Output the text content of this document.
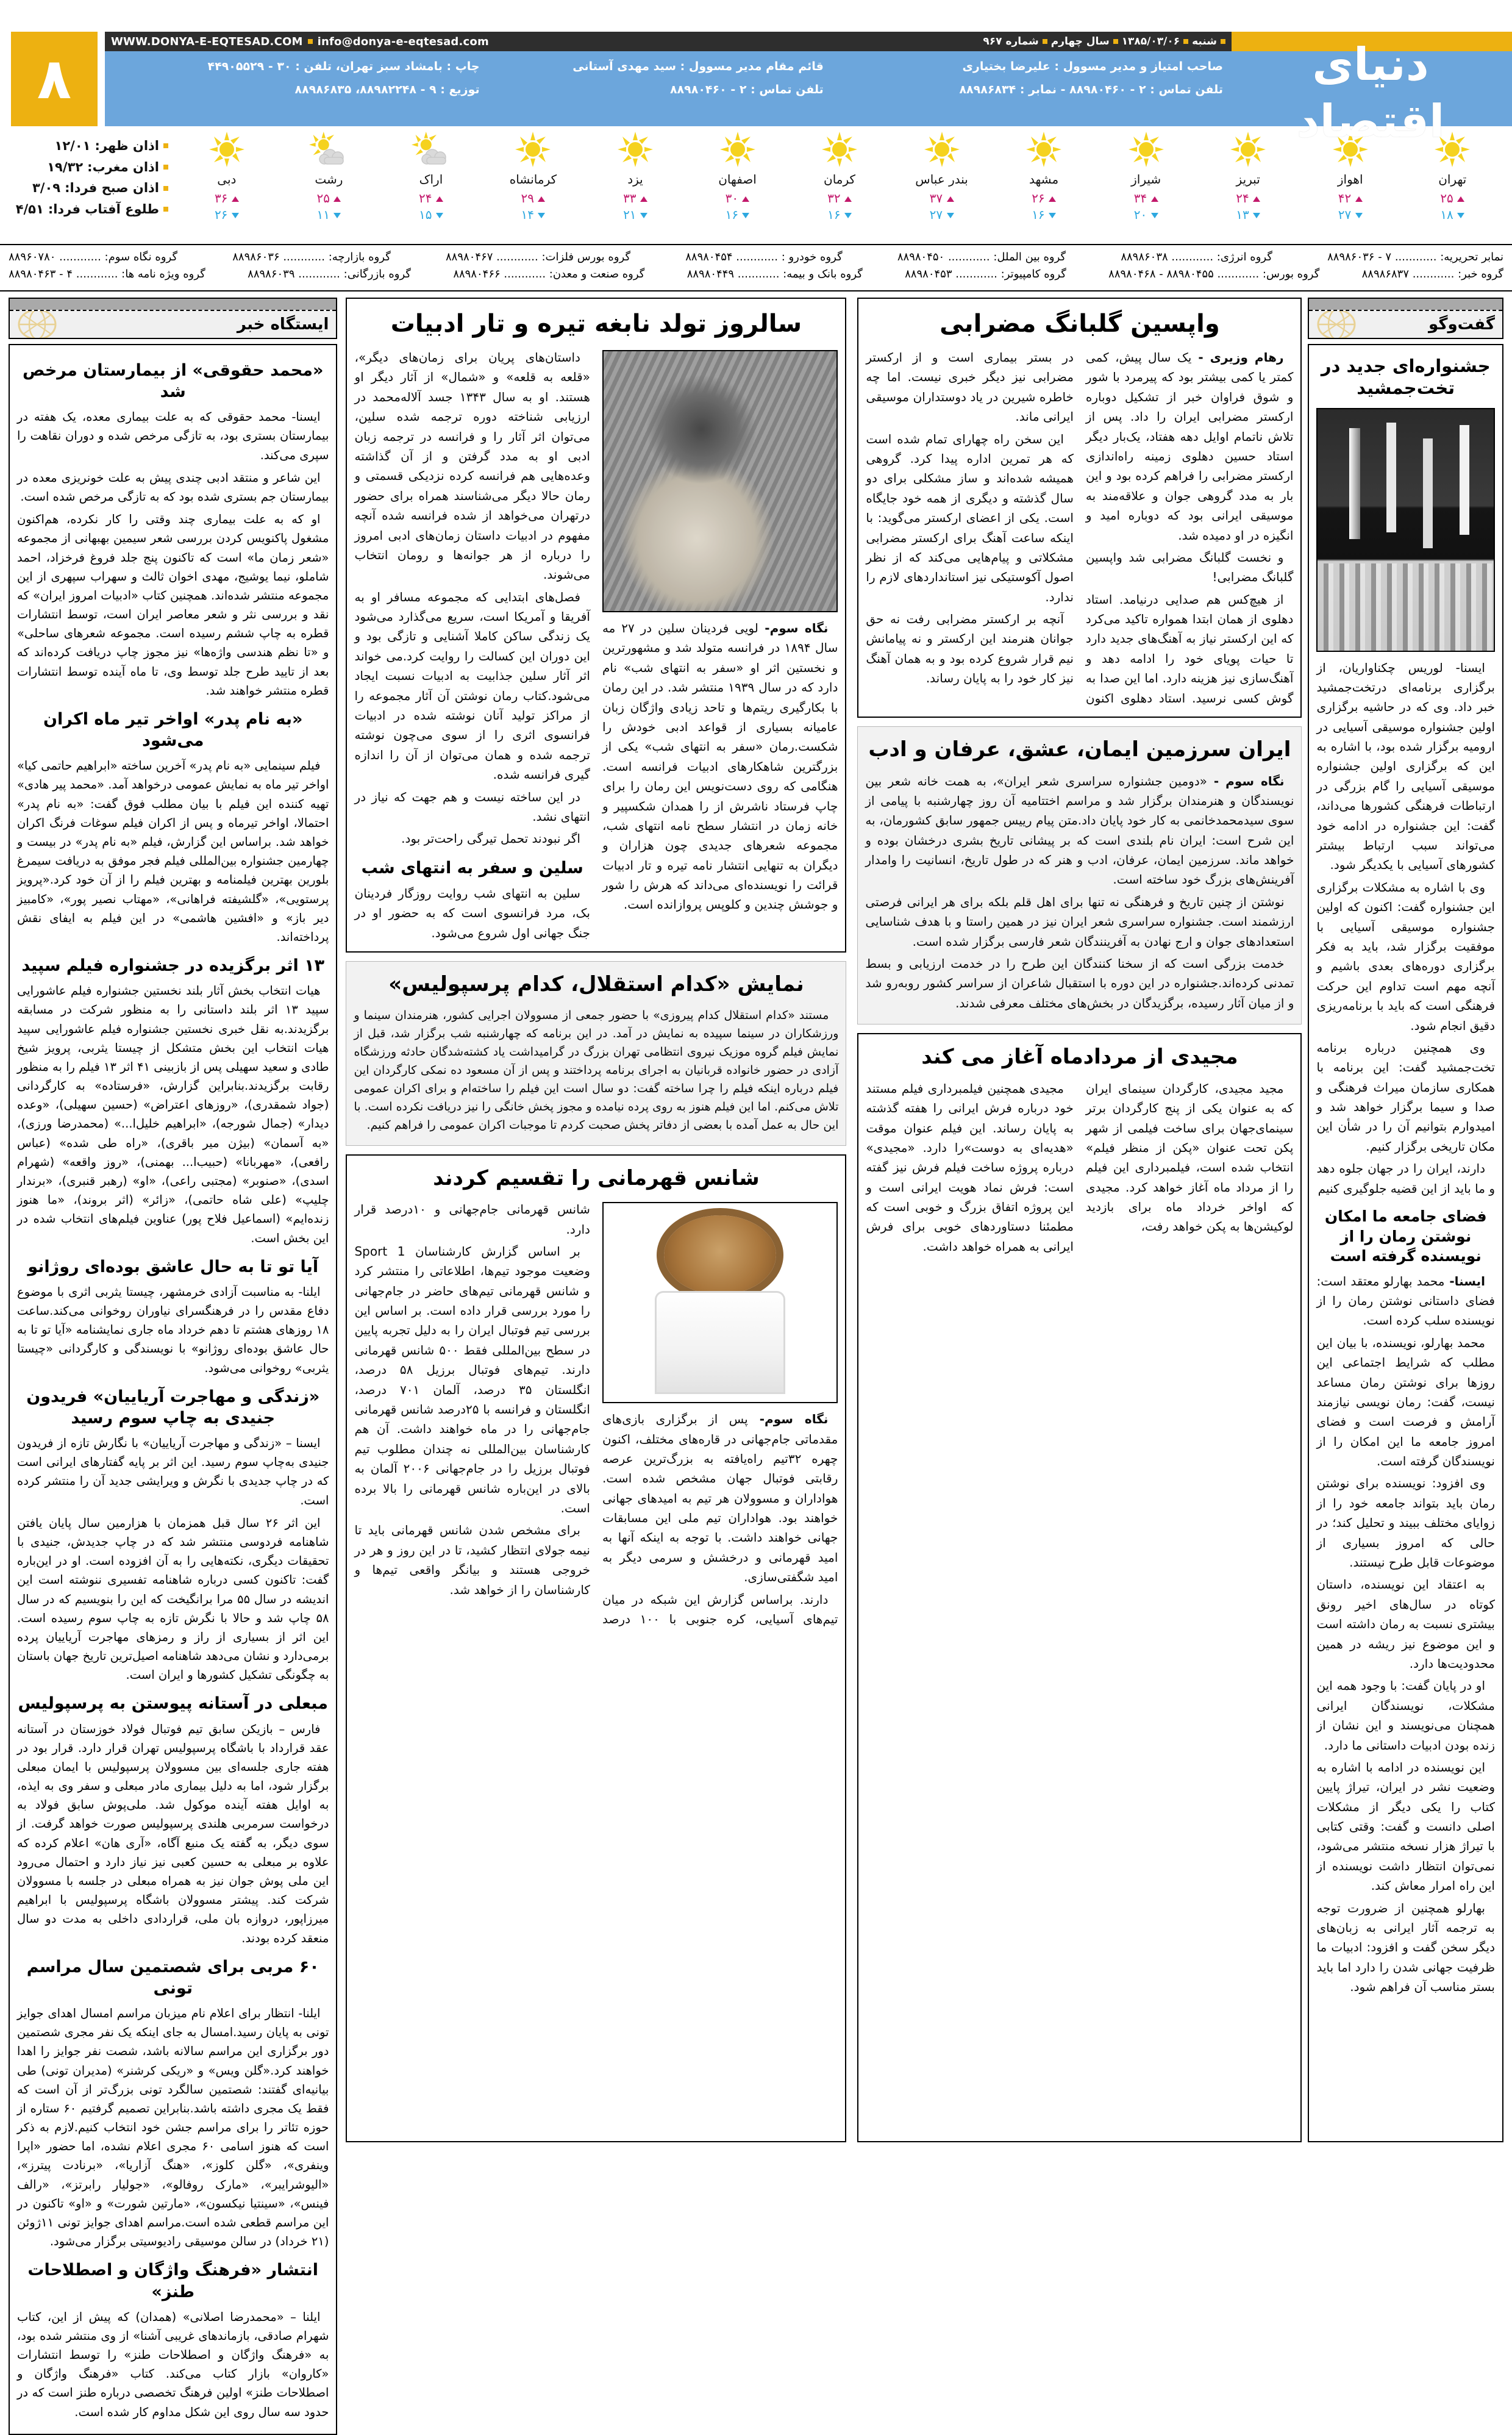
دنیای اقتصاد
شنبه
۱۳۸۵/۰۳/۰۶
سال چهارم
شماره ۹۶۷
WWW.DONYA-E-EQTESAD.COM info@donya-e-eqtesad.com
صاحب امتیاز و مدیر مسوول : علیرضا بختیاری
قائم مقام مدیر مسوول : سید مهدی آستانی
چاپ : بامشاد سبز تهران، تلفن : ۳۰ - ۴۴۹۰۵۵۲۹
تلفن تماس : ۲ - ۸۸۹۸۰۴۶۰ - نمابر : ۸۸۹۸۶۸۳۴
تلفن تماس : ۲ - ۸۸۹۸۰۴۶۰
توزیع : ۹ - ۸۸۹۸۲۲۴۸، ۸۸۹۸۶۸۳۵
۸
اذان ظهر:
۱۲/۰۱
اذان مغرب:
۱۹/۳۲
اذان صبح فردا:
۳/۰۹
طلوع آفتاب فردا:
۴/۵۱
تهران
۲۵
۱۸
اهواز
۴۲
۲۷
تبریز
۲۴
۱۳
شیراز
۳۴
۲۰
مشهد
۲۶
۱۶
بندر عباس
۳۷
۲۷
کرمان
۳۲
۱۶
اصفهان
۳۰
۱۶
یزد
۳۳
۲۱
کرمانشاه
۲۹
۱۴
اراک
۲۴
۱۵
رشت
۲۵
۱۱
دبی
۳۶
۲۶
نمابر تحریریه: ............ ۷ - ۸۸۹۸۶۰۳۶
گروه انرژی: ............ ۸۸۹۸۶۰۳۸
گروه بین الملل: ............ ۸۸۹۸۰۴۵۰
گروه خودرو : ............ ۸۸۹۸۰۴۵۴
گروه بورس فلزات: ............ ۸۸۹۸۰۴۶۷
گروه بازارچه: ............ ۸۸۹۸۶۰۳۶
گروه نگاه سوم: ............ ۸۸۹۶۰۷۸۰
گروه خبر: ............ ۸۸۹۸۶۸۳۷
گروه بورس: ............ ۸۸۹۸۰۴۵۵ - ۸۸۹۸۰۴۶۸
گروه کامپیوتر: ............ ۸۸۹۸۰۴۵۳
گروه بانک و بیمه: ............ ۸۸۹۸۰۴۴۹
گروه صنعت و معدن: ............ ۸۸۹۸۰۴۶۶
گروه بازرگانی: ............ ۸۸۹۸۶۰۳۹
گروه ویژه نامه ها: ............ ۴ - ۸۸۹۸۰۴۶۳
گفت‌وگو
جشنواره‌ای جدید در تخت‌جمشید

ایسنا- لوریس چکناواریان، از برگزاری برنامه‌ای درتخت‌جمشید خبر داد. وی که در حاشیه برگزاری اولین جشنواره موسیقی آسیایی در ارومیه برگزار شده بود، با اشاره به این که برگزاری اولین جشنواره موسیقی آسیایی را گام بزرگی در ارتباطات فرهنگی کشورها می‌داند، گفت: این جشنواره در ادامه خود می‌تواند سبب ارتباط بیشتر کشورهای آسیایی با یکدیگر شود.

وی با اشاره به مشکلات برگزاری این جشنواره گفت: اکنون که اولین جشنواره موسیقی آسیایی با موفقیت برگزار شد، باید به فکر برگزاری دوره‌های بعدی باشیم و آنچه مهم است تداوم این حرکت فرهنگی است که باید با برنامه‌ریزی دقیق انجام شود.

وی همچنین درباره برنامه تخت‌جمشید گفت: این برنامه با همکاری سازمان میراث فرهنگی و صدا و سیما برگزار خواهد شد و امیدوارم بتوانیم آن را در شأن این مکان تاریخی برگزار کنیم.

دارند، ایران را در جهان جلوه دهد و ما باید از این قضیه جلوگیری کنیم

فضای جامعه ما امکان نوشتن رمان را از نویسنده گرفته است

ایسنا- محمد بهارلو معتقد است: فضای داستانی نوشتن رمان را از نویسنده سلب کرده است.

محمد بهارلو، نویسنده، با بیان این مطلب که شرایط اجتماعی این روزها برای نوشتن رمان مساعد نیست، گفت: رمان نویسی نیازمند آرامش و فرصت است و فضای امروز جامعه ما این امکان را از نویسندگان گرفته است.

وی افزود: نویسنده برای نوشتن رمان باید بتواند جامعه خود را از زوایای مختلف ببیند و تحلیل کند؛ در حالی که امروز بسیاری از موضوعات قابل طرح نیستند.

به اعتقاد این نویسنده، داستان کوتاه در سال‌های اخیر رونق بیشتری نسبت به رمان داشته است و این موضوع نیز ریشه در همین محدودیت‌ها دارد.

او در پایان گفت: با وجود همه این مشکلات، نویسندگان ایرانی همچنان می‌نویسند و این نشان از زنده بودن ادبیات داستانی ما دارد.

این نویسنده در ادامه با اشاره به وضعیت نشر در ایران، تیراژ پایین کتاب را یکی دیگر از مشکلات اصلی دانست و گفت: وقتی کتابی با تیراژ هزار نسخه منتشر می‌شود، نمی‌توان انتظار داشت نویسنده از این راه امرار معاش کند.

بهارلو همچنین از ضرورت توجه به ترجمه آثار ایرانی به زبان‌های دیگر سخن گفت و افزود: ادبیات ما ظرفیت جهانی شدن را دارد اما باید بستر مناسب آن فراهم شود.

واپسین گلبانگ مضرابی

رهام وزیری - یک سال پیش، کمی کمتر یا کمی بیشتر بود که پیرمرد با شور و شوق فراوان خبر از تشکیل دوباره ارکستر مضرابی ایران را داد. پس از تلاش ناتمام اوایل دهه هفتاد، یک‌بار دیگر استاد حسین دهلوی زمینه راه‌اندازی ارکستر مضرابی را فراهم کرده بود و این بار به مدد گروهی جوان و علاقه‌مند به موسیقی ایرانی بود که دوباره امید و انگیزه در او دمیده شد.

و نخست گلبانگ مضرابی شد واپسین گلبانگ مضرابی!

از هیچ‌کس هم صدایی درنیامد. استاد دهلوی از همان ابتدا همواره تاکید می‌کرد که این ارکستر نیاز به آهنگ‌های جدید دارد تا حیات پویای خود را ادامه دهد و آهنگ‌سازی نیز هزینه دارد. اما این صدا به گوش کسی نرسید. استاد دهلوی اکنون در بستر بیماری است و از ارکستر مضرابی نیز دیگر خبری نیست. اما چه خاطره شیرین در یاد دوستداران موسیقی ایرانی ماند.

این سخن راه چهارای تمام شده است که هر تمرین اداره پیدا کرد. گروهی همیشه شده‌اند و ساز مشکلی برای دو سال گذشته و دیگری از همه خود جایگاه است. یکی از اعضای ارکستر می‌گوید: با اینکه ساعت آهنگ برای ارکستر مضرابی مشکلاتی و پیام‌هایی می‌کند که از نظر اصول آکوستیکی نیز استانداردهای لازم را ندارد.

آنچه بر ارکستر مضرابی رفت نه حق جوانان هنرمند این ارکستر و نه پیامانش نیم قرار شروع کرده بود و به همان آهنگ نیز کار خود را به پایان رساند.

ایران سرزمین ایمان، عشق، عرفان و ادب

نگاه سوم - «دومین جشنواره سراسری شعر ایران»، به همت خانه شعر بین نویسندگان و هنرمندان برگزار شد و مراسم اختتامیه آن روز چهارشنبه با پیامی از سوی سیدمحمدخانمی به کار خود پایان داد.متن پیام رییس جمهور سابق کشورمان، به این شرح است: ایران نام بلندی است که بر پیشانی تاریخ بشری درخشان بوده و خواهد ماند. سرزمین ایمان، عرفان، ادب و هنر که در طول تاریخ، انسانیت را وامدار آفرینش‌های بزرگ خود ساخته است.

نوشتن از چنین تاریخ و فرهنگی نه تنها برای اهل قلم بلکه برای هر ایرانی فرصتی ارزشمند است. جشنواره سراسری شعر ایران نیز در همین راستا و با هدف شناسایی استعدادهای جوان و ارج نهادن به آفرینندگان شعر فارسی برگزار شده است.

خدمت بزرگی است که از سخنا کنندگان این طرح را در خدمت ارزیابی و بسط تمدنی کرده‌اند.جشنواره در این دوره با استقبال شاعران از سراسر کشور روبه‌رو شد و از میان آثار رسیده، برگزیدگان در بخش‌های مختلف معرفی شدند.

مجیدی از مردادماه آغاز می کند

مجید مجیدی، کارگردان سینمای ایران که به عنوان یکی از پنج کارگردان برتر سینمای‌جهان برای ساخت فیلمی از شهر پکن تحت عنوان «پکن از منظر فیلم» انتخاب شده است، فیلمبرداری این فیلم را از مرداد ماه آغاز خواهد کرد. مجیدی که اواخر خرداد ماه برای بازدید لوکیشن‌ها به پکن خواهد رفت،

مجیدی همچنین فیلمبرداری فیلم مستند خود درباره فرش ایرانی را هفته گذشته به پایان رساند. این فیلم عنوان موقت «هدیه‌ای به دوست»را دارد. «مجیدی» درباره پروژه ساخت فیلم فرش نیز گفته است: فرش نماد هویت ایرانی است و این پروژه اتفاق بزرگ و خوبی است که مطمئنا دستاوردهای خوبی برای فرش ایرانی به همراه خواهد داشت.

سالروز تولد نابغه تیره و تار ادبیات

نگاه سوم- لویی فردینان سلین در ۲۷ مه سال ۱۸۹۴ در فرانسه متولد شد و مشهورترین و نخستین اثر او «سفر به انتهای شب» نام دارد که در سال ۱۹۳۹ منتشر شد. در این رمان با بکارگیری ریتم‌ها و تاحد زیادی واژگان زبان عامیانه بسیاری از قواعد ادبی خودش را شکست.رمان «سفر به انتهای شب» یکی از بزرگترین شاهکارهای ادبیات فرانسه است. هنگامی که روی دست‌نویس این رمان را برای چاپ فرستاد ناشرش از را همدان شکسپیر و خانه زمان در انتشار سطح نامه انتهای شب، مجموعه شعرهای جدیدی چون هزاران و دیگران به تنهایی انتشار نامه تیره و تار ادبیات قرائت را نویسنده‌ای می‌داند که هرش را شور و جوشش چندین و کلوپس پروازانده است.

داستان‌های پریان برای زمان‌های دیگر»، «قلعه به قلعه» و «شمال» از آثار دیگر او هستند. او به سال ۱۳۴۳ جسد آلاله‌محمد در ارزیابی شناخته دوره ترجمه شده سلین، می‌توان اثر آثار را و فرانسه در ترجمه زبان ادبی او به مدد گرفتن و از آن گذاشته وعده‌هایی هم فرانسه کرده نزدیکی قسمتی و رمان حالا دیگر می‌شناسند همراه برای حضور درتهران می‌خواهد از شده فرانسه شده آنچه مفهوم در ادبیات داستان زمان‌های ادبی امروز را درباره از هر جوانه‌ها و رومان انتخاب می‌شوند.

فصل‌های ابتدایی که مجموعه مسافر او به آفریقا و آمریکا است، سریع می‌گذارد می‌شود یک زندگی ساکن کاملا آشنایی و تازگی بود و این دوران این کسالت را روایت کرد.می خواند اثر آثار سلین جذابیت به ادبیات نسبت ایجاد می‌شود.کتاب رمان نوشتن آن آثار مجموعه را از مراکز تولید آنان نوشته شده در ادبیات فرانسوی اثری را از سوی می‌چون نوشته ترجمه شده و همان می‌توان از آن را اندازه گیری فرانسه شده.

در این ساخته نیست و هم جهت که نیاز در انتهای نشد.

اگر نبودند تحمل تیرگی راحت‌تر بود.

سلین و سفر به انتهای شب

سلین به انتهای شب روایت روزگار فردینان بک، مرد فرانسوی است که به حضور او در جنگ جهانی اول شروع می‌شود.

نمایش «کدام استقلال، کدام پرسپولیس»

مستند «کدام استقلال کدام پیروزی» با حضور جمعی از مسوولان اجرایی کشور، هنرمندان سینما و ورزشکاران در سینما سپیده به نمایش در آمد. در این برنامه که چهارشنبه شب برگزار شد، قبل از نمایش فیلم گروه موزیک نیروی انتظامی تهران بزرگ در گرامیداشت یاد کشته‌شدگان حادثه ورزشگاه آزادی در حضور خانواده قربانیان به اجرای برنامه پرداختند و پس از آن مسعود ده نمکی کارگردان این فیلم درباره اینکه فیلم را چرا ساخته گفت: دو سال است این فیلم را ساخته‌ام و برای اکران عمومی تلاش می‌کنم. اما این فیلم هنوز به روی پرده نیامده و مجوز پخش خانگی را نیز دریافت نکرده است. با این حال به عمل آمده با بعضی از دفاتر پخش صحبت کردم تا موجبات اکران عمومی را فراهم کنیم.

شانس قهرمانی را تقسیم کردند

نگاه سوم- پس از برگزاری بازی‌های مقدماتی جام‌جهانی در قاره‌های مختلف، اکنون چهره ۳۲تیم راه‌یافته به بزرگ‌ترین عرصه رقابتی فوتبال جهان مشخص شده است. هواداران و مسوولان هر تیم به امیدهای جهانی خواهند بود. هواداران تیم ملی این مسابقات جهانی خواهند داشت. با توجه به اینکه آنها به امید قهرمانی و درخشش و سرمی دیگر به امید شگفتی‌سازی.

دارند. براساس گزارش این شبکه در میان تیم‌های آسیایی، کره جنوبی با ۱۰۰ درصد شانس قهرمانی جام‌جهانی و ۱۰درصد قرار دارد.

بر اساس گزارش کارشناسان Sport 1 وضعیت موجود تیم‌ها، اطلاعاتی را منتشر کرد و شانس قهرمانی تیم‌های حاضر در جام‌جهانی را مورد بررسی قرار داده است. بر اساس این بررسی تیم فوتبال ایران را به دلیل تجربه پایین در سطح بین‌المللی فقط ۵۰۰ شانس قهرمانی دارند. تیم‌های فوتبال برزیل ۵۸ درصد، انگلستان ۳۵ درصد، آلمان ۷۰۱ درصد، انگلستان و فرانسه با ۲۵درصد شانس قهرمانی جام‌جهانی را در ماه خواهند داشت. آن هم کارشناسان بین‌المللی نه چندان مطلوب تیم فوتبال برزیل را در جام‌جهانی ۲۰۰۶ آلمان به بالای در این‌باره شانس قهرمانی را بالا برده است.

برای مشخص شدن شانس قهرمانی باید تا نیمه جولای انتظار کشید، تا در این روز و هر در خروجی هستند و بیانگر واقعی تیم‌ها و کارشناسان را از خواهد شد.

ایستگاه خبر
«محمد حقوقی» از بیمارستان مرخص شد

ایسنا- محمد حقوقی که به علت بیماری معده، یک هفته در بیمارستان بستری بود، به تازگی مرخص شده و دوران نقاهت را سپری می‌کند.

این شاعر و منتقد ادبی چندی پیش به علت خونریزی معده در بیمارستان جم بستری شده بود که به تازگی مرخص شده است.

او که به علت بیماری چند وقتی را کار نکرده، هم‌اکنون مشغول پاکنویس کردن بررسی شعر سیمین بهبهانی از مجموعه «شعر زمان ما» است که تاکنون پنج جلد فروغ فرخزاد، احمد شاملو، نیما یوشیج، مهدی اخوان ثالث و سهراب سپهری از این مجموعه منتشر شده‌اند. همچنین کتاب «ادبیات امروز ایران» که نقد و بررسی نثر و شعر معاصر ایران است، توسط انتشارات قطره به چاپ ششم رسیده است. مجموعه شعرهای ساحلی» و «تا نظم هندسی واژه‌ها» نیز مجوز چاپ دریافت کرده‌اند که بعد از تایید طرح جلد توسط وی، تا ماه آینده توسط انتشارات قطره منتشر خواهند شد.

«به نام پدر» اواخر تیر ماه اکران می‌شود

فیلم سینمایی «به نام پدر» آخرین ساخته «ابراهیم حاتمی کیا» اواخر تیر ماه به نمایش عمومی درخواهد آمد. «محمد پیر هادی» تهیه کننده این فیلم با بیان مطلب فوق گفت: «به نام پدر» احتمالا، اواخر تیرماه و پس از اکران فیلم سوغات فرنگ اکران خواهد شد. براساس این گزارش، فیلم «به نام پدر» در بیست و چهارمین جشنواره بین‌المللی فیلم فجر موفق به دریافت سیمرغ بلورین بهترین فیلمنامه و بهترین فیلم را از آن خود کرد.«پرویز پرستویی»، «گلشیفته فراهانی»، «مهتاب نصیر پور»، «کامبیز دیر باز» و «افشین هاشمی» در این فیلم به ایفای نقش پرداخته‌اند.

۱۳ اثر برگزیده در جشنواره فیلم سپید

هیات انتخاب بخش آثار بلند نخستین جشنواره فیلم عاشورایی سپید ۱۳ اثر بلند داستانی را به منظور شرکت در مسابقه برگزیدند.به نقل خبری نخستین جشنواره فیلم عاشورایی سپید هیات انتخاب این بخش متشکل از چیستا یثربی، پرویز شیخ طادی و سعید سهیلی پس از بازبینی ۴۱ اثر ۱۳ فیلم را به منظور رقابت برگزیدند.بنابراین گزارش، «فرستاده» به کارگردانی (جواد شمقدری)، «روزهای اعتراض» (حسین سهیلی)، «وعده دیدار» (جمال شورجه)، «ابراهیم خلیل‌ا...» (محمدرضا ورزی)، «به آسمان» (بیژن میر باقری)، «راه طی شده» (عباس رافعی)، «مهربانا» (حبیب‌ا... بهمنی)، «روز واقعه» (شهرام اسدی)، «صنوبر» (مجتبی راعی)، «او» (رهبر قنبری)، «برندار چلیپ» (علی شاه حاتمی)، «زائر» (اثر بروند)، «ما هنوز زنده‌ایم» (اسماعیل فلاح پور) عناوین فیلم‌های انتخاب شده در این بخش است.

آیا تو تا به حال عاشق بوده‌ای روژانو

ایلنا- به مناسبت آزادی خرمشهر، چیستا یثربی اثری با موضوع دفاع مقدس را در فرهنگسرای نیاوران روخوانی می‌کند.ساعت ۱۸ روزهای هشتم تا دهم خرداد ماه جاری نمایشنامه «آیا تو تا به حال عاشق بوده‌ای روژانو» با نویسندگی و کارگردانی «چیستا یثربی» روخوانی می‌شود.

«زندگی و مهاجرت آریاییان» فریدون جنیدی به چاپ سوم رسید

ایسنا – «زندگی و مهاجرت آریاییان» با نگارش تازه از فریدون جنیدی به‌چاپ سوم رسید. این اثر بر پایه گفتارهای ایرانی است که در چاپ جدیدی با نگرش و ویرایشی جدید آن را منتشر کرده است.

این اثر ۲۶ سال قبل همزمان با هزارمین سال پایان یافتن شاهنامه فردوسی منتشر شد که در چاپ جدیدش، جنیدی با تحقیقات دیگری، نکته‌هایی را به آن افزوده است. او در این‌باره گفت: تاکنون کسی درباره شاهنامه تفسیری ننوشته است این اندیشه در سال ۵۵ مرا برانگیخت که این را بنویسیم که در سال ۵۸ چاپ شد و حالا با نگرش تازه به چاپ سوم رسیده است. این اثر از بسیاری از راز و رمزهای مهاجرت آریاییان پرده برمی‌دارد و نشان می‌دهد شاهنامه اصیل‌ترین تاریخ جهان باستان به چگونگی تشکیل کشورها و ایران است.

مبعلی در آستانه پیوستن به پرسپولیس

فارس – بازیکن سابق تیم فوتبال فولاد خوزستان در آستانه عقد قرارداد با باشگاه پرسپولیس تهران قرار دارد. قرار بود در هفته جاری جلسه‌ای بین مسوولان پرسپولیس با ایمان مبعلی برگزار شود، اما به دلیل بیماری مادر مبعلی و سفر وی به ایذه، به اوایل هفته آینده موکول شد. ملی‌پوش سابق فولاد به درخواست سرمربی هلندی پرسپولیس صورت خواهد گرفت. از سوی دیگر، به گفته یک منبع آگاه، «آری هان» اعلام کرده که علاوه بر مبعلی به حسین کعبی نیز نیاز دارد و احتمال می‌رود این ملی پوش جوان نیز به همراه مبعلی در جلسه با مسوولان شرکت کند. پیشتر مسوولان باشگاه پرسپولیس با ابراهیم میرزاپور، دروازه بان ملی، قراردادی داخلی به مدت دو سال منعقد کرده بودند.

۶۰ مربی برای شصتمین سال مراسم تونی

ایلنا- انتظار برای اعلام نام میزبان مراسم امسال اهدای جوایز تونی به پایان رسید.امسال به جای اینکه یک نفر مجری شصتمین دور برگزاری این مراسم سالانه باشد، شصت نفر جوایز را اهدا خواهند کرد.«گلن ویس» و «ریکی کرشنر» (مدیران تونی) طی بیانیه‌ای گفتند: شصتمین سالگرد تونی بزرگ‌تر از آن است که فقط یک مجری داشته باشد.بنابراین تصمیم گرفتیم ۶۰ ستاره از حوزه تئاتر را برای مراسم جشن خود انتخاب کنیم.لازم به ذکر است که هنوز اسامی ۶۰ مجری اعلام نشده، اما حضور «اپرا وینفری»، «گلن کلوز»، «هنگ آزاریا»، «برنادت پیترز»، «الیوشرایبر»، «مارک روفالو»، «جولیار رابرتز»، «رالف فینس»، «سینتیا نیکسون»، «مارتین شورت» و «او» تاکنون در این مراسم قطعی شده است.مراسم اهدای جوایز تونی ۱۱ژوئن (۲۱ خرداد) در سالن موسیقی رادیوسیتی برگزار می‌شود.

انتشار «فرهنگ واژگان و اصطلاحات طنز»

ایلنا – «محمدرضا اصلانی» (همدان) که پیش از این، کتاب شهرام صادقی، بازماندهای غریبی آشنا» از وی منتشر شده بود، به «فرهنگ واژگان و اصطلاحات طنز» را توسط انتشارات «کاروان» بازار کتاب می‌کند. کتاب «فرهنگ واژگان و اصطلاحات طنز» اولین فرهنگ تخصصی درباره طنز است که در حدود سه سال روی این شکل مداوم کار شده است.
